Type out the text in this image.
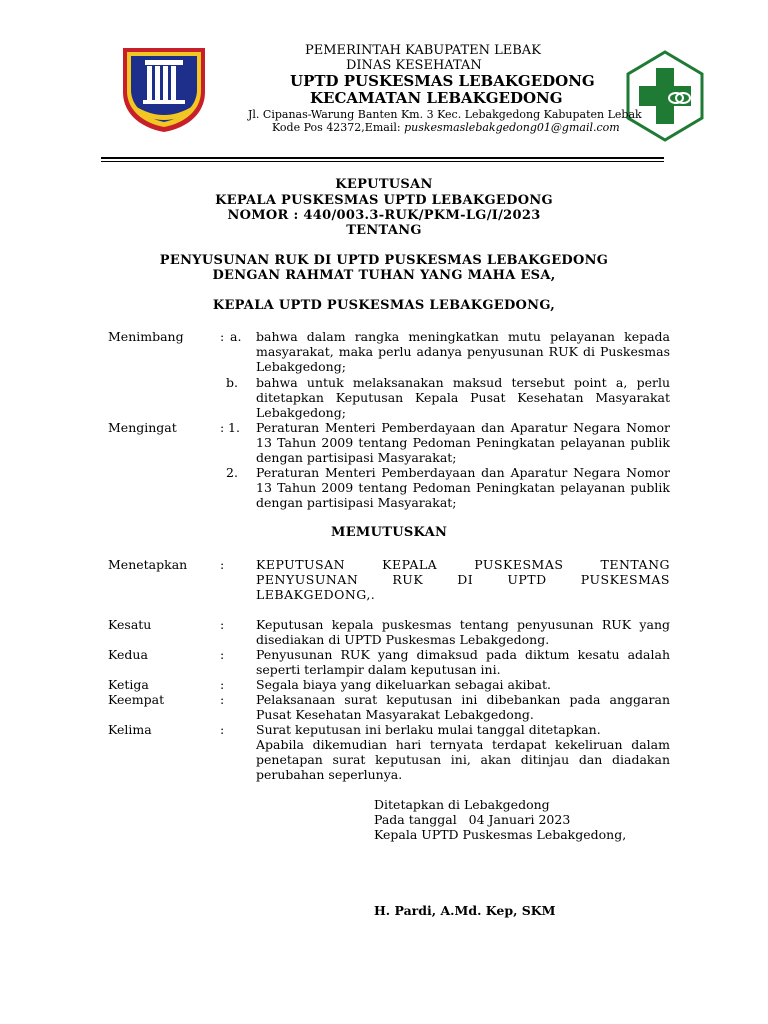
PEMERINTAH KABUPATEN LEBAK
DINAS KESEHATAN
UPTD PUSKESMAS LEBAKGEDONG
KECAMATAN LEBAKGEDONG
Jl. Cipanas-Warung Banten Km. 3 Kec. Lebakgedong Kabupaten Lebak
Kode Pos 42372,Email: puskesmaslebakgedong01@gmail.com
KEPUTUSAN
KEPALA PUSKESMAS UPTD LEBAKGEDONG
NOMOR : 440/003.3-RUK/PKM-LG/I/2023
TENTANG
PENYUSUNAN RUK DI UPTD PUSKESMAS LEBAKGEDONG
DENGAN RAHMAT TUHAN YANG MAHA ESA,
KEPALA UPTD PUSKESMAS LEBAKGEDONG,
Menimbang	: a. bahwa dalam rangka meningkatkan mutu pelayanan kepada masyarakat, maka perlu adanya penyusunan RUK di Puskesmas Lebakgedong;
b. bahwa untuk melaksanakan maksud tersebut point a, perlu ditetapkan Keputusan Kepala Pusat Kesehatan Masyarakat Lebakgedong;
Mengingat	: 1. Peraturan Menteri Pemberdayaan dan Aparatur Negara Nomor 13 Tahun 2009 tentang Pedoman Peningkatan pelayanan publik dengan partisipasi Masyarakat;
2. Peraturan Menteri Pemberdayaan dan Aparatur Negara Nomor 13 Tahun 2009 tentang Pedoman Peningkatan pelayanan publik dengan partisipasi Masyarakat;
MEMUTUSKAN
Menetapkan	:	KEPUTUSAN KEPALA PUSKESMAS TENTANG PENYUSUNAN RUK DI UPTD PUSKESMAS LEBAKGEDONG,.
Kesatu	:	Keputusan kepala puskesmas tentang penyusunan RUK yang disediakan di UPTD Puskesmas Lebakgedong.
Kedua	:	Penyusunan RUK yang dimaksud pada diktum kesatu adalah seperti terlampir dalam keputusan ini.
Ketiga	:	Segala biaya yang dikeluarkan sebagai akibat.
Keempat	:	Pelaksanaan surat keputusan ini dibebankan pada anggaran Pusat Kesehatan Masyarakat Lebakgedong.
Kelima	:	Surat keputusan ini berlaku mulai tanggal ditetapkan.
Apabila dikemudian hari ternyata terdapat kekeliruan dalam penetapan surat keputusan ini, akan ditinjau dan diadakan perubahan seperlunya.
Ditetapkan di Lebakgedong
Pada tanggal   04 Januari 2023
Kepala UPTD Puskesmas Lebakgedong,
H. Pardi, A.Md. Kep, SKM
